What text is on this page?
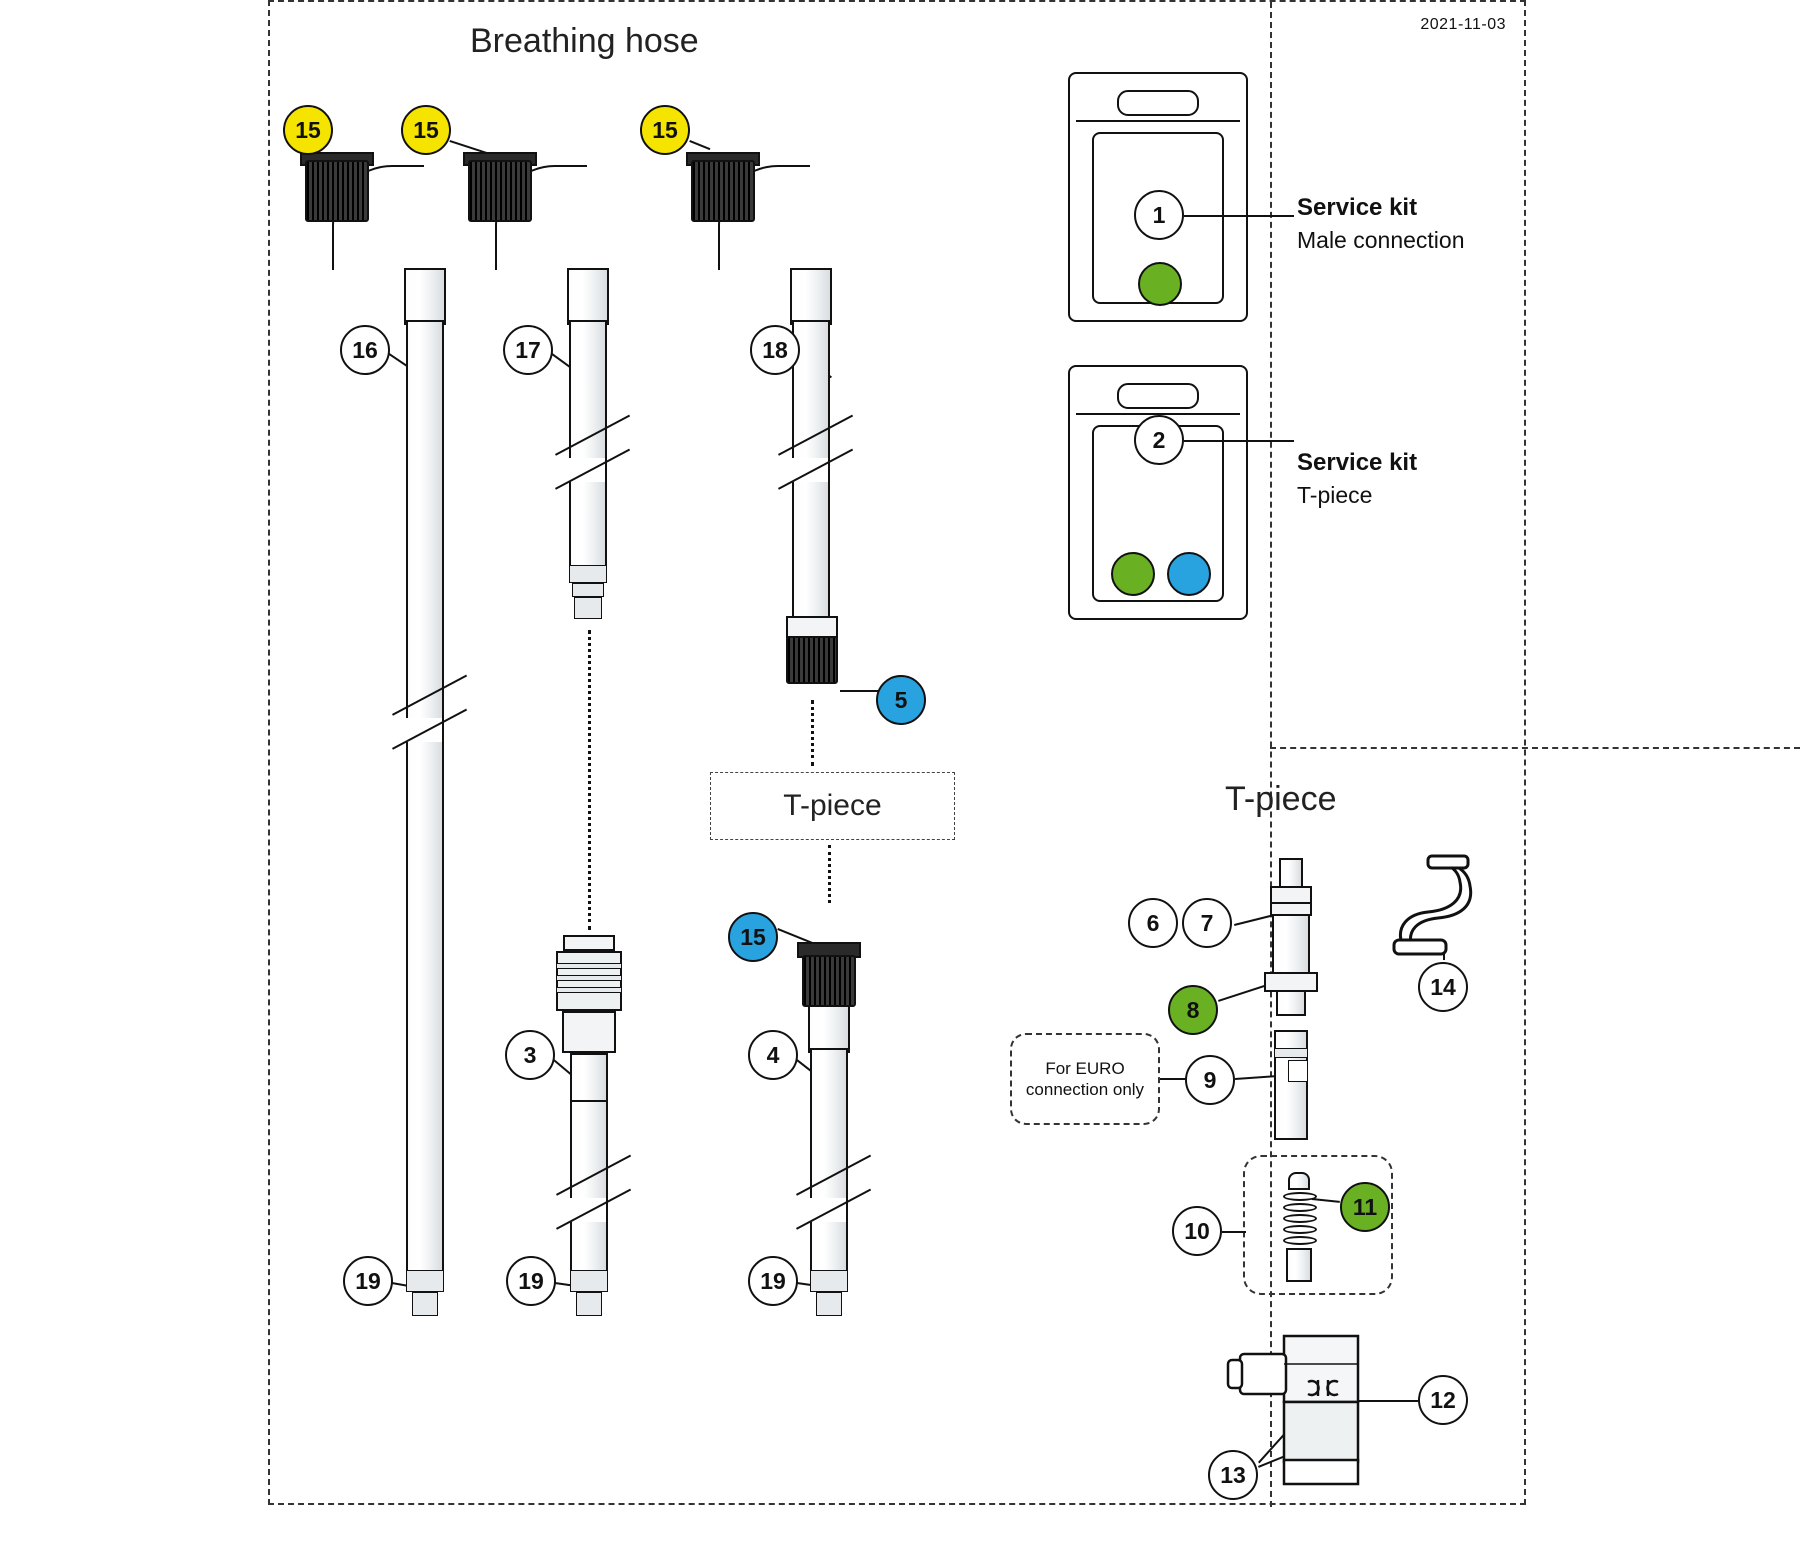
2021-11-03
Breathing hose
T-piece
T-piece
15
16
19
15
17
3
19
15
18
5
15
4
19
1	Service kit
Male connection
2
Service kit
T-piece
6	7
14
8
9
For EURO connection only
11
10
12
13
